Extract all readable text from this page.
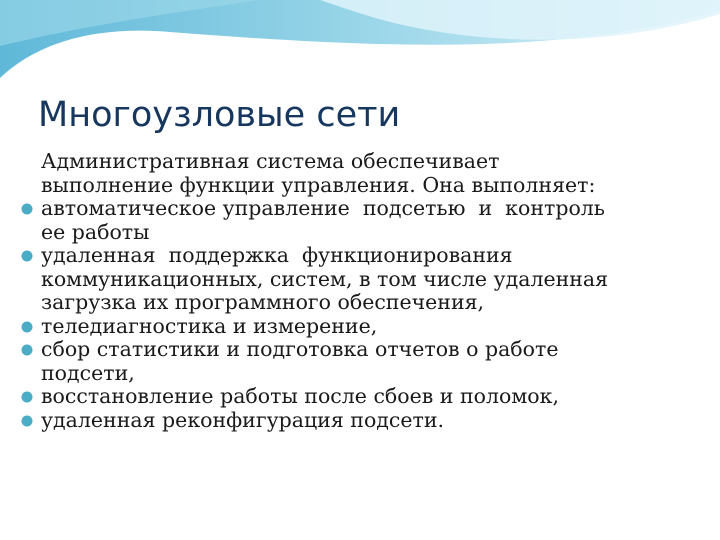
Многоузловые сети
Административная система обеспечивает
выполнение функции управления. Она выполняет:
автоматическое управление  подсетью  и  контроль
ее работы
удаленная  поддержка  функционирования
коммуникационных, систем, в том числе удаленная
загрузка их программного обеспечения,
теледиагностика и измерение,
сбор статистики и подготовка отчетов о работе
подсети,
восстановление работы после сбоев и поломок,
удаленная реконфигурация подсети.
